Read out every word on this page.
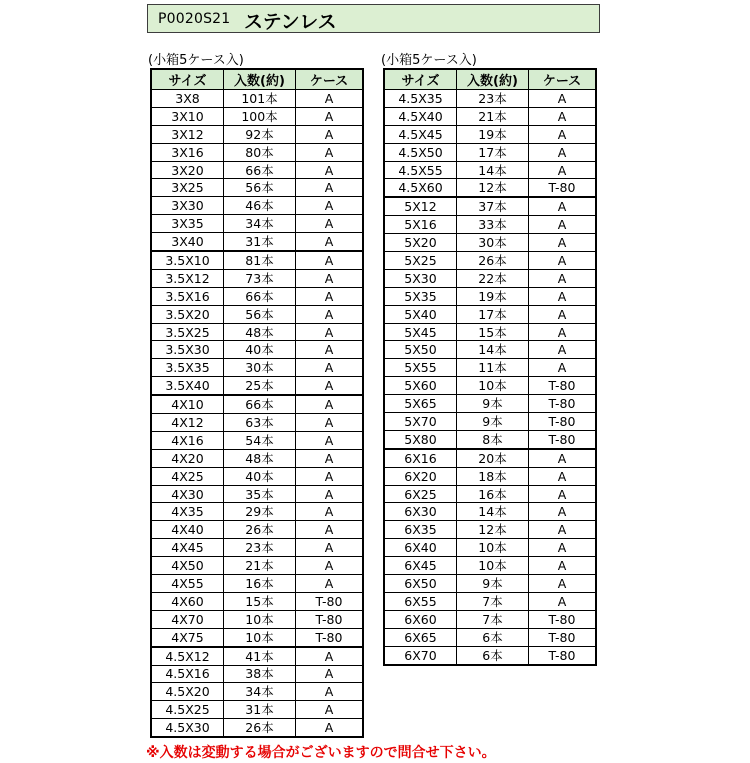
P0020S21 ステンレス
(小箱5ケース入)	(小箱5ケース入)
サイズ	入数(約)	ケース
3X8	101本	A
3X10	100本	A
3X12	92本	A
3X16	80本	A
3X20	66本	A
3X25	56本	A
3X30	46本	A
3X35	34本	A
3X40	31本	A
3.5X10	81本	A
3.5X12	73本	A
3.5X16	66本	A
3.5X20	56本	A
3.5X25	48本	A
3.5X30	40本	A
3.5X35	30本	A
3.5X40	25本	A
4X10	66本	A
4X12	63本	A
4X16	54本	A
4X20	48本	A
4X25	40本	A
4X30	35本	A
4X35	29本	A
4X40	26本	A
4X45	23本	A
4X50	21本	A
4X55	16本	A
4X60	15本	T-80
4X70	10本	T-80
4X75	10本	T-80
4.5X12	41本	A
4.5X16	38本	A
4.5X20	34本	A
4.5X25	31本	A
4.5X30	26本	A
サイズ	入数(約)	ケース
4.5X35	23本	A
4.5X40	21本	A
4.5X45	19本	A
4.5X50	17本	A
4.5X55	14本	A
4.5X60	12本	T-80
5X12	37本	A
5X16	33本	A
5X20	30本	A
5X25	26本	A
5X30	22本	A
5X35	19本	A
5X40	17本	A
5X45	15本	A
5X50	14本	A
5X55	11本	A
5X60	10本	T-80
5X65	9本	T-80
5X70	9本	T-80
5X80	8本	T-80
6X16	20本	A
6X20	18本	A
6X25	16本	A
6X30	14本	A
6X35	12本	A
6X40	10本	A
6X45	10本	A
6X50	9本	A
6X55	7本	A
6X60	7本	T-80
6X65	6本	T-80
6X70	6本	T-80
※入数は変動する場合がございますので問合せ下さい。
